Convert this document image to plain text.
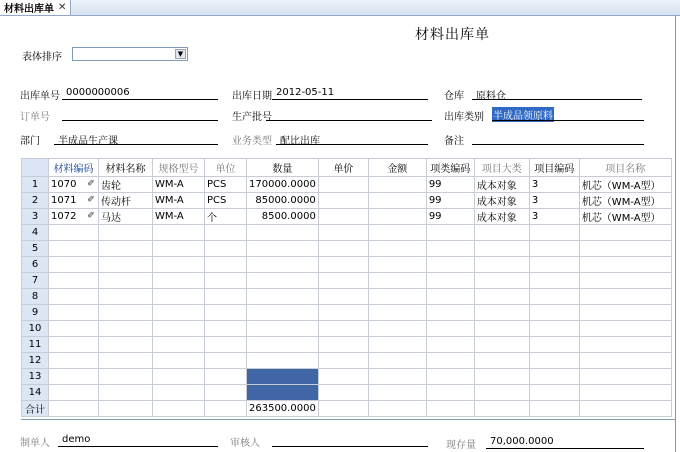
材料出库单 ✕
材料出库单
表体排序	▼
出库单号 0000000006	出库日期 2012-05-11	仓库 原料仓
订单号	生产批号	出库类别 半成品领原料
部门 半成品生产课	业务类型 配比出库	备注
	材料编码	材料名称	规格型号	单位	数量	单价	金额	项类编码	项目大类	项目编码	项目名称
1	1070 ✐	齿轮	WM-A	PCS	170000.0000			99	成本对象	3	机芯（WM-A型）
2	1071 ✐	传动杆	WM-A	PCS	85000.0000			99	成本对象	3	机芯（WM-A型）
3	1072 ✐	马达	WM-A	个	8500.0000			99	成本对象	3	机芯（WM-A型）
4											
5											
6											
7											
8											
9											
10											
11											
12											
13											
14											
合计					263500.0000						
制单人 demo	审核人	现存量 70,000.0000
